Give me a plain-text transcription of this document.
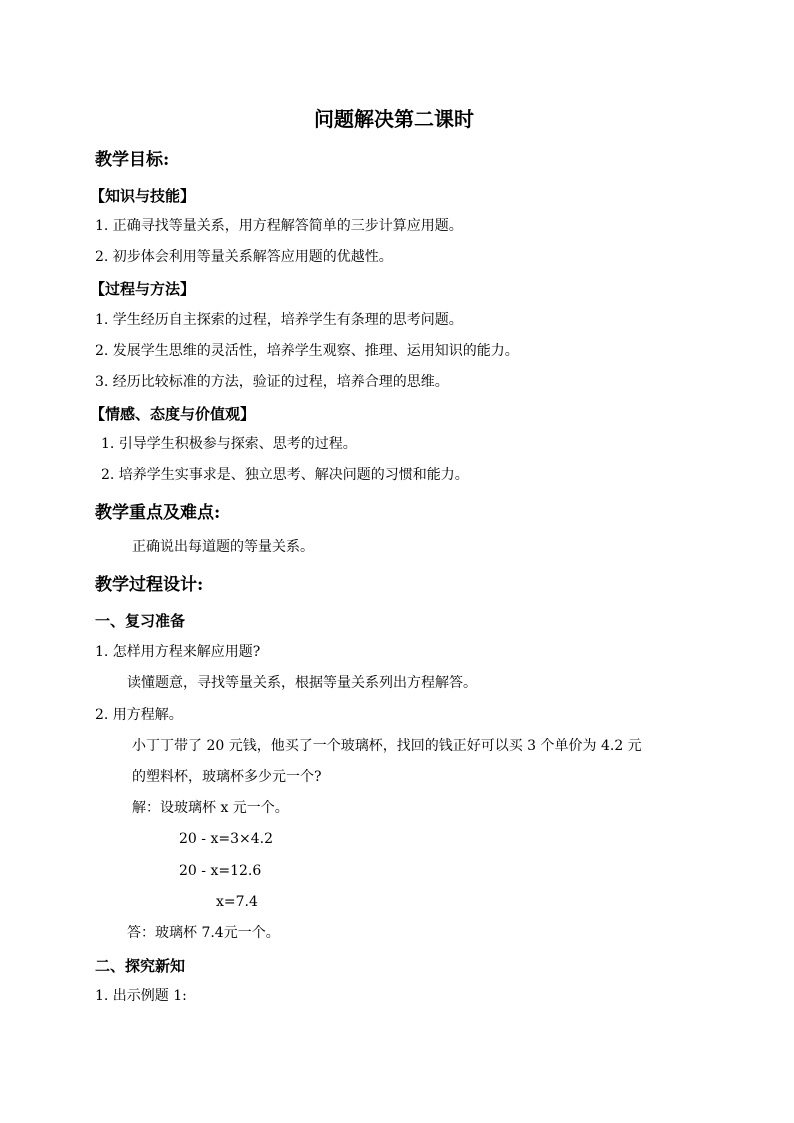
问题解决第二课时
教学目标:
【知识与技能】
1. 正确寻找等量关系，用方程解答简单的三步计算应用题。
2. 初步体会利用等量关系解答应用题的优越性。
【过程与方法】
1. 学生经历自主探索的过程，培养学生有条理的思考问题。
2. 发展学生思维的灵活性，培养学生观察、推理、运用知识的能力。
3. 经历比较标准的方法，验证的过程，培养合理的思维。
【情感、态度与价值观】
1. 引导学生积极参与探索、思考的过程。
2. 培养学生实事求是、独立思考、解决问题的习惯和能力。
教学重点及难点:
正确说出每道题的等量关系。
教学过程设计:
一、复习准备
1. 怎样用方程来解应用题?
读懂题意，寻找等量关系，根据等量关系列出方程解答。
2. 用方程解。
小丁丁带了 20 元钱，他买了一个玻璃杯，找回的钱正好可以买 3 个单价为 4.2 元
的塑料杯，玻璃杯多少元一个?
解：设玻璃杯 x 元一个。
20 - x=3×4.2
20 - x=12.6
x=7.4
答：玻璃杯 7.4元一个。
二、探究新知
1. 出示例题 1:
